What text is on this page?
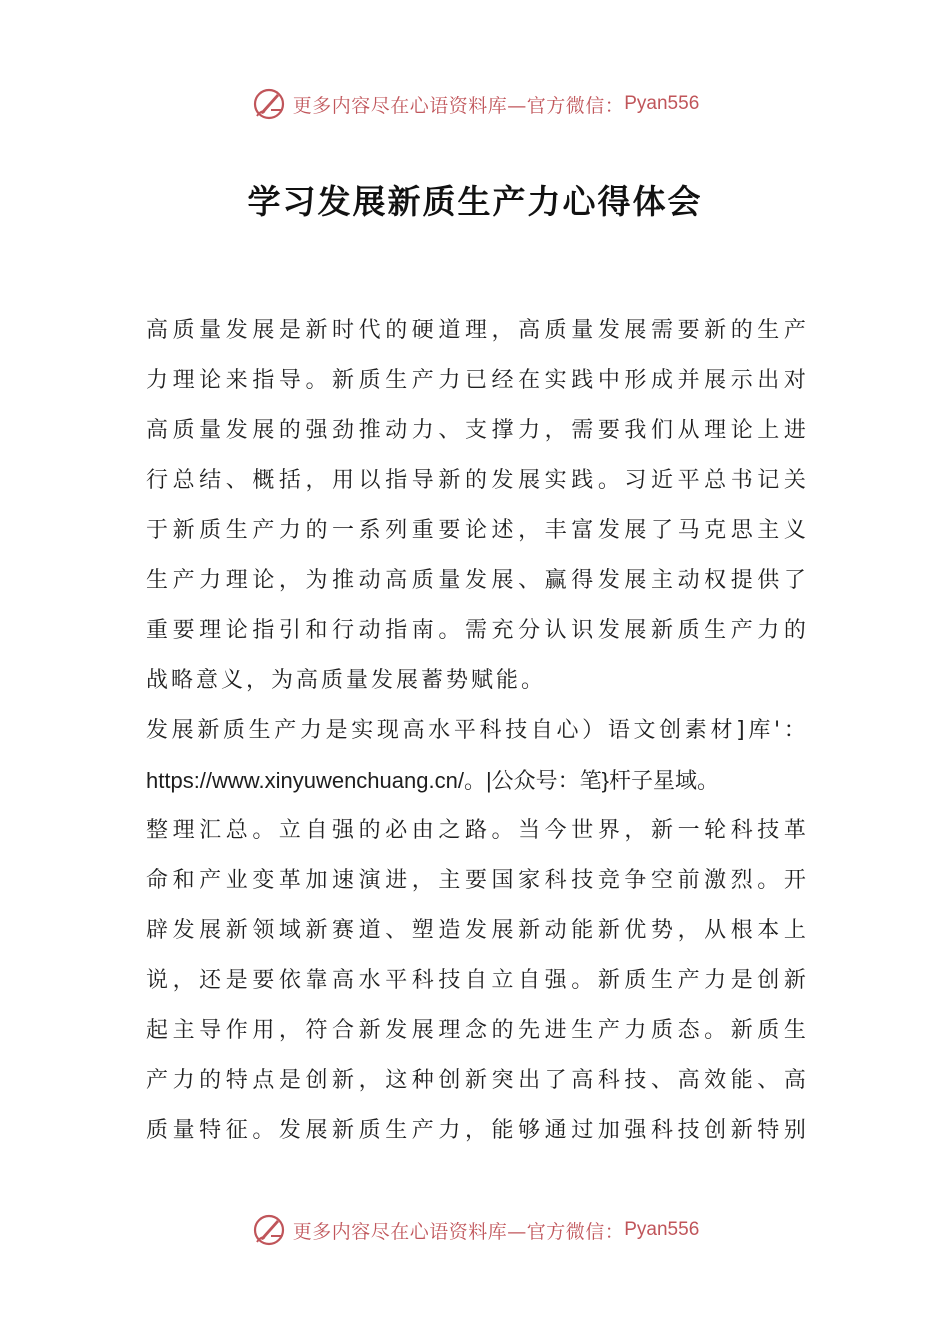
更多内容尽在心语资料库—官方微信： Pyan556
学习发展新质生产力心得体会
高 质 量 发 展 是 新 时 代 的 硬 道 理 ， 高 质 量 发 展 需 要 新 的 生 产
力 理 论 来 指 导 。 新 质 生 产 力 已 经 在 实 践 中 形 成 并 展 示 出 对
高 质 量 发 展 的 强 劲 推 动 力 、 支 撑 力 ， 需 要 我 们 从 理 论 上 进
行 总 结 、 概 括 ， 用 以 指 导 新 的 发 展 实 践 。 习 近 平 总 书 记 关
于 新 质 生 产 力 的 一 系 列 重 要 论 述 ， 丰 富 发 展 了 马 克 思 主 义
生 产 力 理 论 ， 为 推 动 高 质 量 发 展 、 赢 得 发 展 主 动 权 提 供 了
重 要 理 论 指 引 和 行 动 指 南 。 需 充 分 认 识 发 展 新 质 生 产 力 的
战略意义，为高质量发展蓄势赋能。
发 展 新 质 生 产 力 是 实 现 高 水 平 科 技 自 心 ） 语 文 创 素 材 ] 库 ' ：
https://www.xinyuwenchuang.cn/。|公众号：笔}杆子星域。
整 理 汇 总 。 立 自 强 的 必 由 之 路 。 当 今 世 界 ， 新 一 轮 科 技 革
命 和 产 业 变 革 加 速 演 进 ， 主 要 国 家 科 技 竞 争 空 前 激 烈 。 开
辟 发 展 新 领 域 新 赛 道 、 塑 造 发 展 新 动 能 新 优 势 ， 从 根 本 上
说 ， 还 是 要 依 靠 高 水 平 科 技 自 立 自 强 。 新 质 生 产 力 是 创 新
起 主 导 作 用 ， 符 合 新 发 展 理 念 的 先 进 生 产 力 质 态 。 新 质 生
产 力 的 特 点 是 创 新 ， 这 种 创 新 突 出 了 高 科 技 、 高 效 能 、 高
质 量 特 征 。 发 展 新 质 生 产 力 ， 能 够 通 过 加 强 科 技 创 新 特 别
更多内容尽在心语资料库—官方微信： Pyan556
